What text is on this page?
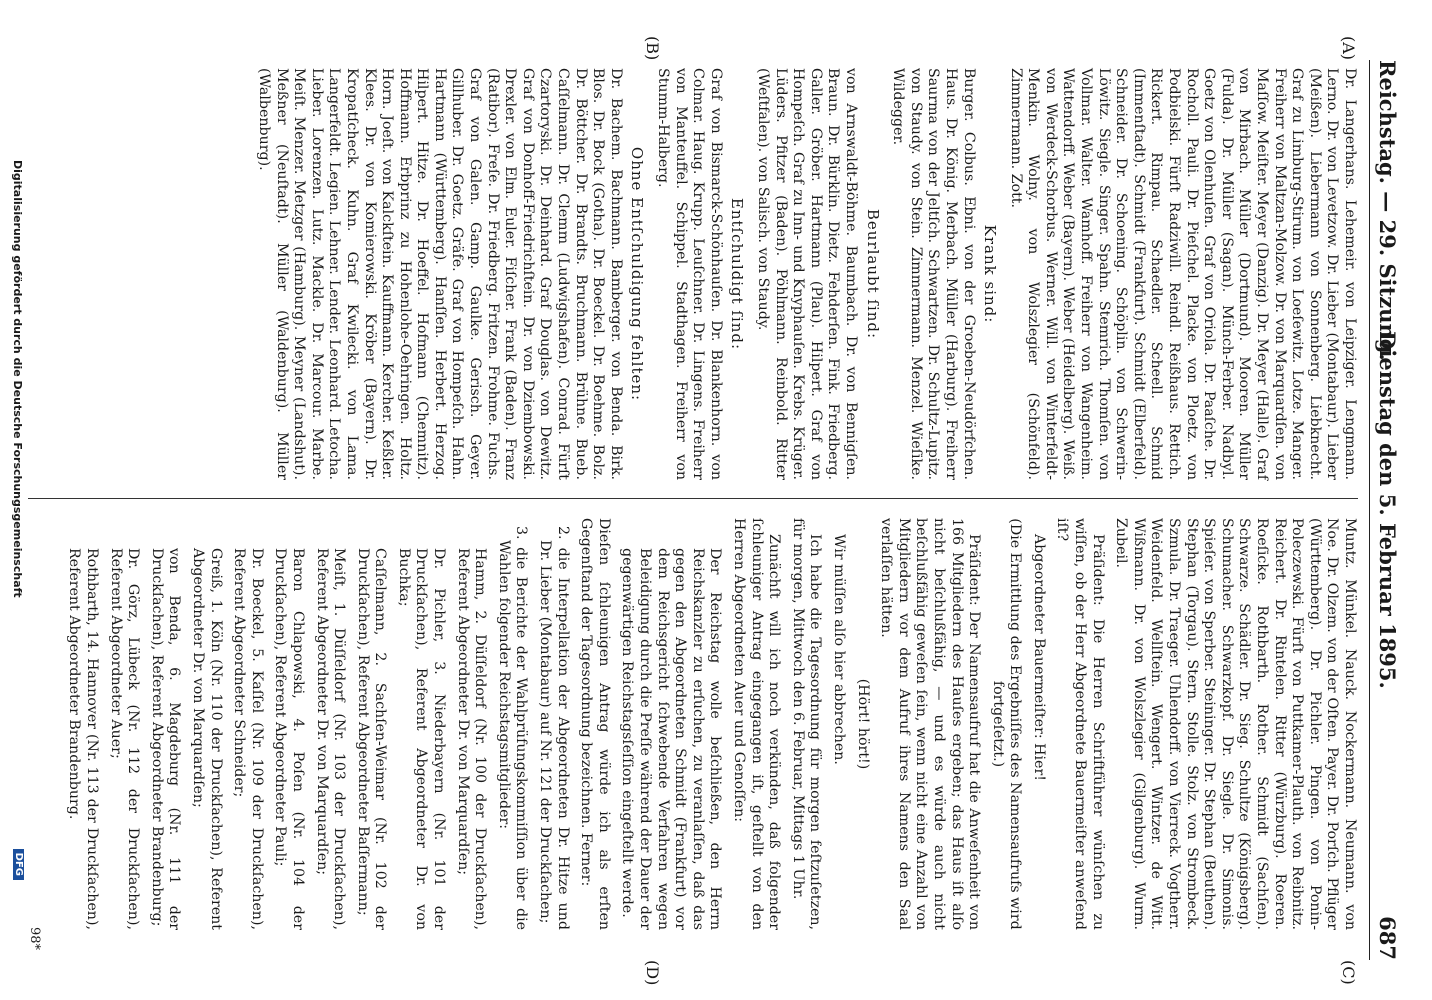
Reichstag. — 29. Sitzung.
Dienstag den 5. Februar 1895.
687
(A)
(B)
(C)
(D)

Dr. Langerhans. Lehemeir. von Leipziger. Lengmann. Lerno. Dr. von Levetzow. Dr. Lieber (Montabaur). Lieber (Meißen). Liebermann von Sonnenberg. Liebknecht. Graf zu Limburg-Stirum. von Loeſewitz. Lotze. Manger. Freiherr von Maltzan-Molzow. Dr. von Marquardſen. von Maſſow. Meiſter. Meyer (Danzig). Dr. Meyer (Halle). Graf von Mirbach. Müller (Dortmund). Mooren. Müller (Fulda). Dr. Müller (Sagan). Münch-Ferber. Nadbyl. Goetz von Olenhuſen. Graf von Oriola. Dr. Paaſche. Dr. Rocholl. Pauli. Dr. Pieſchel. Placke. von Ploetz. von Podbielski. Fürſt Radziwill. Reindl. Reißhaus. Rettich. Rickert. Rimpau. Schaedler. Scheell. Schmid (Immenſtadt). Schmidt (Frankfurt). Schmidt (Elberfeld). Schneider. Dr. Schoening. Schöplin. von Schwerin-Löwitz. Siegle. Singer. Spahn. Stemrich. Thomſen. von Vollmar. Walter. Wamhoff. Freiherr von Wangenheim. Wattendorff. Weber (Bayern). Weber (Heidelberg). Weiß. von Werdeck-Schorbus. Werner. Will. von Winterfeldt-Menkin. Wolny. von Wolszlegier (Schönfeld). Zimmermann. Zott.

Krank sind:

Burger. Colbus. Ebni. von der Groeben-Neudörfchen. Haus. Dr. König. Merbach. Müller (Harburg). Freiherr Saurma von der Jeltſch. Schwartzen. Dr. Schultz-Lupitz. von Staudy. von Stein. Zimmermann. Menzel. Wieſike. Wildegger.

Beurlaubt ſind:

von Arnswaldt-Böhme. Baumbach. Dr. von Bennigſen. Braun. Dr. Bürklin. Dietz. Fehderſen. Fink. Friedberg. Galler. Gröber. Hartmann (Plau). Hilpert. Graf von Hompeſch. Graf zu Inn- und Knyphauſen. Krebs. Krüger. Lüders. Pfitzer (Baden). Pöhlmann. Reinbold. Ritter (Weſtfalen). von Salisch. von Staudy.

Entſchuldigt ſind:

Graf von Bismarck-Schönhauſen. Dr. Blankenhorn. von Colmar. Haug. Krupp. Leuſchner. Dr. Lingens. Freiherr von Manteuffel. Schippel. Stadthagen. Freiherr von Stumm-Halberg.

Ohne Entſchuldigung fehlten:

Dr. Bachem. Bachmann. Bamberger. von Benda. Birk. Blos. Dr. Bock (Gotha). Dr. Boeckel. Dr. Boehme. Bolz. Dr. Böttcher. Dr. Brandts. Bruchmann. Brühne. Bueb. Caſſelmann. Dr. Clemm (Ludwigshafen). Conrad. Fürſt Czartoryski. Dr. Deinhard. Graf Douglas. von Dewitz. Graf von Donhoff-Friedrichſtein. Dr. von Dziembowski. Drexler. von Elm. Euler. Fiſcher. Frank (Baden). Franz (Ratibor). Freſe. Dr. Friedberg. Fritzen. Frohme. Fuchs. Graf von Galen. Gamp. Gaulke. Gerisch. Geyer. Gillhuber. Dr. Goetz. Gräfe. Graf von Hompeſch. Hahn. Hartmann (Württemberg). Hanſſen. Herbert. Herzog. Hilpert. Hitze. Dr. Hoeffel. Hofmann (Chemnitz). Hoffmann. Erbprinz zu Hohenlohe-Oehringen. Holtz. Horn. Joeſt. von Kalckſtein. Kauffmann. Kercher. Keßler. Klees. Dr. von Komierowski. Kröber (Bayern). Dr. Kropatſcheck. Kuhn. Graf Kwilecki. von Lama. Langerfeldt. Legien. Lehner. Lender. Leonhard. Letocha. Lieber. Lorenzen. Lutz. Mackle. Dr. Marcour. Marbe. Meiſt. Menzer. Metzger (Hamburg). Meyner (Landshut). Meßner (Neuſtadt). Müller (Waldenburg). Müller (Walbenburg).

Muntz. Münkel. Nauck. Nockermann. Neumann. von Noe. Dr. Olzem. von der Oſten. Payer. Dr. Porſch. Pflüger (Württemberg). Dr. Pichler. Pingen. von Ponin-Poleczewski. Fürſt von Puttkamer-Plauth. von Reibnitz. Reichert. Dr. Rintelen. Ritter (Würzburg). Roeren. Roeſicke. Rothbarth. Rother. Schmidt (Sachſen). Schwarze. Schädler. Dr. Sieg. Schultze (Königsberg). Schumacher. Schwarzkopf. Dr. Siegle. Dr. Simonis. Spieſer. von Sperber. Steininger. Dr. Stephan (Beuthen). Stephan (Torgau). Stern. Stolle. Stolz. von Strombeck. Szmula. Dr. Traeger. Uhlendorff. von Vierreck. Vogtherr. Weidenfeld. Wellſtein. Wengert. Wintzer. de Witt. Wißmann. Dr. von Wolszlegier (Gilgenburg). Wurm. Zubeil.

Präſident: Die Herren Schriftführer wünſchen zu wiſſen, ob der Herr Abgeordnete Bauermeiſter anweſend iſt?

Abgeordneter Bauermeiſter: Hier!

(Die Ermittlung des Ergebniſſes des Namensaufrufs wird fortgeſetzt.)

Präſident: Der Namensaufruf hat die Anweſenheit von 166 Mitgliedern des Hauſes ergeben; das Haus iſt alſo nicht beſchlußfähig, — und es würde auch nicht beſchlußfähig geweſen ſein, wenn nicht eine Anzahl von Mitgliedern vor dem Aufruf ihres Namens den Saal verlaſſen hätten.

(Hört! hört!)

Wir müſſen alſo hier abbrechen.

Ich habe die Tagesordnung für morgen feſtzuſetzen, für morgen, Mittwoch den 6. Februar, Mittags 1 Uhr.

Zunächſt will ich noch verkünden, daß folgender ſchleuniger Antrag eingegangen iſt, geſtellt von den Herren Abgeordneten Auer und Genoſſen:

Der Reichstag wolle beſchließen, den Herrn Reichskanzler zu erſuchen, zu veranlaſſen, daß das gegen den Abgeordneten Schmidt (Frankfurt) vor dem Reichsgericht ſchwebende Verfahren wegen Beleidigung durch die Preſſe während der Dauer der gegenwärtigen Reichstagsſeſſion eingeſtellt werde.

Dieſen ſchleunigen Antrag würde ich als erſten Gegenſtand der Tagesordnung bezeichnen. Ferner:

2. die Interpellation der Abgeordneten Dr. Hitze und Dr. Lieber (Montabaur) auf Nr. 121 der Druckſachen;

3. die Berichte der Wahlprüfungskommiſſion über die Wahlen folgender Reichstagsmitglieder:

Hamm, 2. Düſſeldorf (Nr. 100 der Druckſachen), Referent Abgeordneter Dr. von Marquardſen;

Dr. Pichler, 3. Niederbayern (Nr. 101 der Druckſachen), Referent Abgeordneter Dr. von Buchka;

Caſſelmann, 2. Sachſen-Weimar (Nr. 102 der Druckſachen), Referent Abgeordneter Baſſermann;

Meiſt, 1. Düſſeldorf (Nr. 103 der Druckſachen), Referent Abgeordneter Dr. von Marquardſen;

Baron Chlapowski, 4. Poſen (Nr. 104 der Druckſachen), Referent Abgeordneter Pauli;

Dr. Boeckel, 5. Kaſſel (Nr. 109 der Druckſachen), Referent Abgeordneter Schneider;

Greiß, 1. Köln (Nr. 110 der Druckſachen), Referent Abgeordneter Dr. von Marquardſen;

von Benda, 6. Magdeburg (Nr. 111 der Druckſachen), Referent Abgeordneter Brandenburg;

Dr. Görz, Lübeck (Nr. 112 der Druckſachen), Referent Abgeordneter Auer;

Rothbarth, 14. Hannover (Nr. 113 der Druckſachen), Referent Abgeordneter Brandenburg.

98*
Digitalisierung gefördert durch die Deutsche Forschungsgemeinschaft
DFG
